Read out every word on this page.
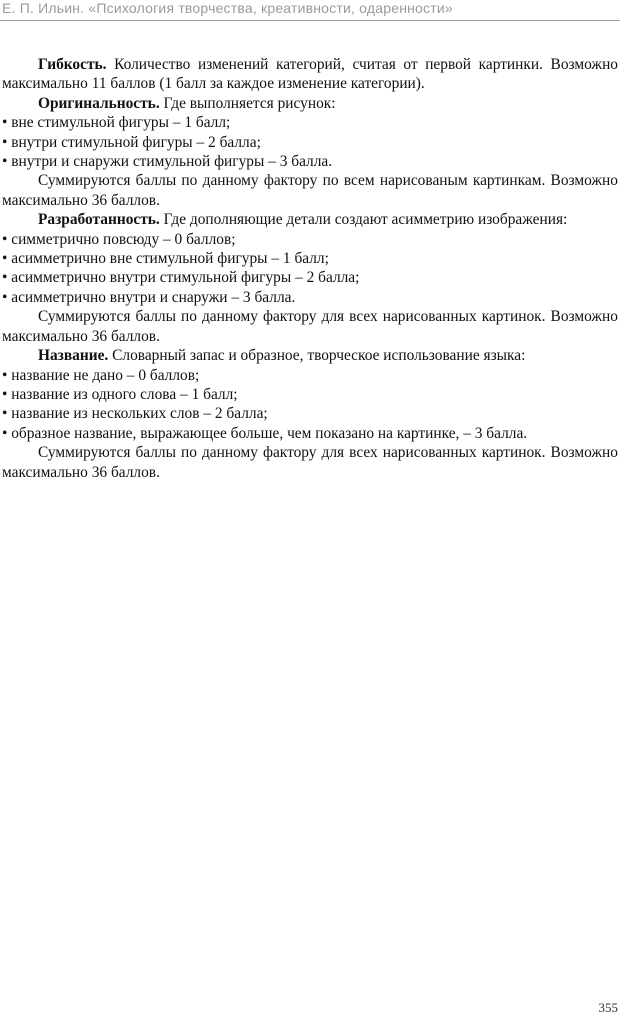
Е. П. Ильин. «Психология творчества, креативности, одаренности»

Гибкость. Количество изменений категорий, считая от первой картинки. Возможно максимально 11 баллов (1 балл за каждое изменение категории).

Оригинальность. Где выполняется рисунок:

• вне стимульной фигуры – 1 балл;

• внутри стимульной фигуры – 2 балла;

• внутри и снаружи стимульной фигуры – 3 балла.

Суммируются баллы по данному фактору по всем нарисованым картинкам. Возможно максимально 36 баллов.

Разработанность. Где дополняющие детали создают асимметрию изображения:

• симметрично повсюду – 0 баллов;

• асимметрично вне стимульной фигуры – 1 балл;

• асимметрично внутри стимульной фигуры – 2 балла;

• асимметрично внутри и снаружи – 3 балла.

Суммируются баллы по данному фактору для всех нарисованных картинок. Возможно максимально 36 баллов.

Название. Словарный запас и образное, творческое использование языка:

• название не дано – 0 баллов;

• название из одного слова – 1 балл;

• название из нескольких слов – 2 балла;

• образное название, выражающее больше, чем показано на картинке, – 3 балла.

Суммируются баллы по данному фактору для всех нарисованных картинок. Возможно максимально 36 баллов.

355
